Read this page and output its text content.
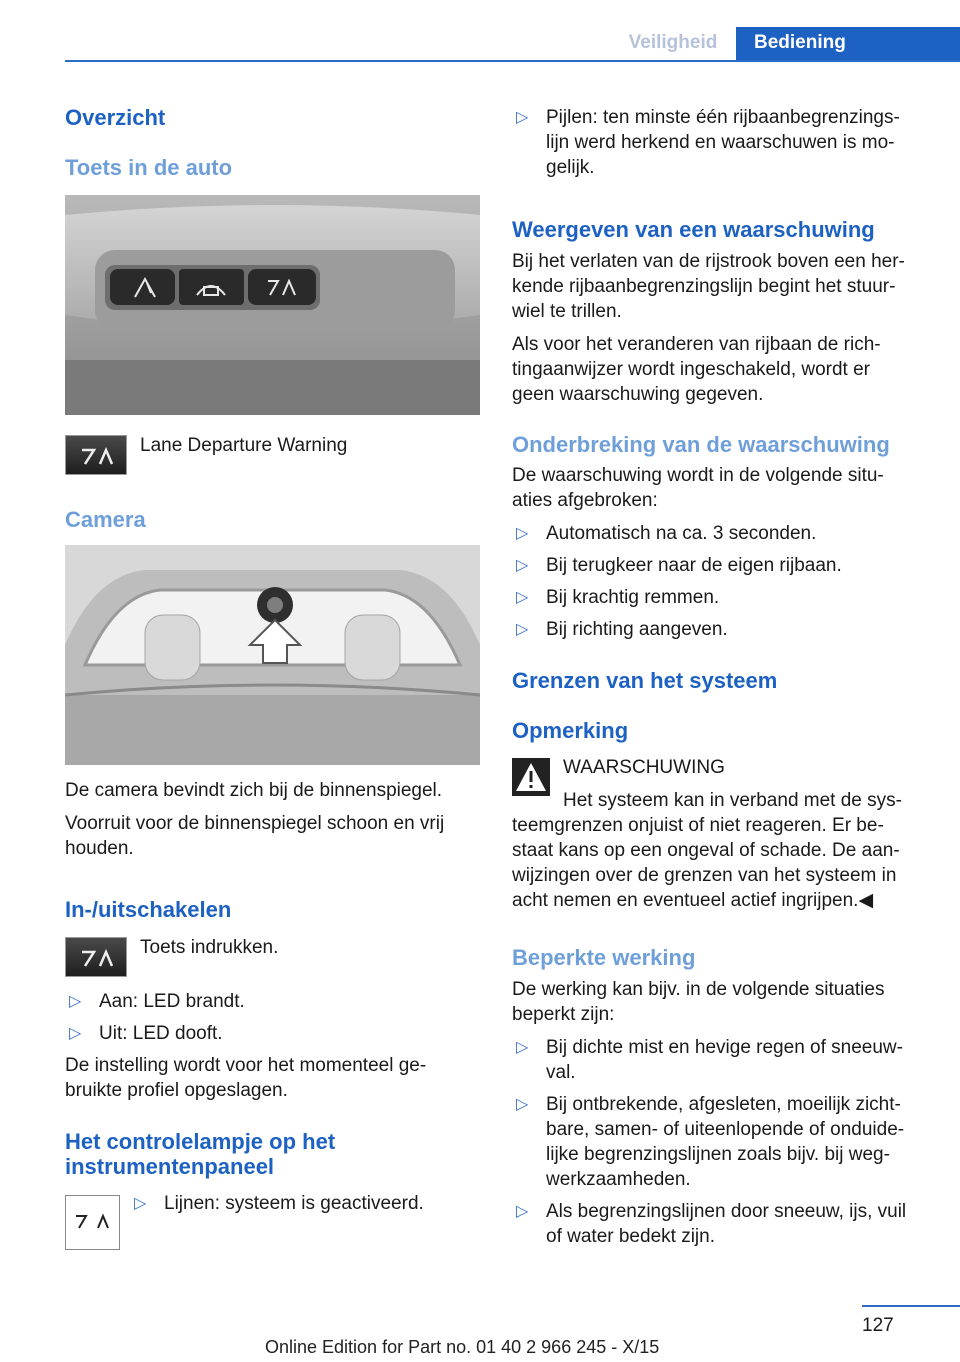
Veiligheid	Bediening
Overzicht
Toets in de auto

Lane Departure Warning

Camera

De camera bevindt zich bij de binnenspiegel.

Voorruit voor de binnenspiegel schoon en vrij

houden.

In-/uitschakelen

Toets indrukken.

▷ Aan: LED brandt.
▷ Uit: LED dooft.

De instelling wordt voor het momenteel ge‐

bruikte profiel opgeslagen.

Het controlelampje op het
instrumentenpaneel
▷ Lijnen: systeem is geactiveerd.
▷ Pijlen: ten minste één rijbaanbegrenzings‐
lijn werd herkend en waarschuwen is mo‐
gelijk.
Weergeven van een waarschuwing
Bij het verlaten van de rijstrook boven een her‐
kende rijbaanbegrenzingslijn begint het stuur‐
wiel te trillen.
Als voor het veranderen van rijbaan de rich‐
tingaanwijzer wordt ingeschakeld, wordt er
geen waarschuwing gegeven.
Onderbreking van de waarschuwing
De waarschuwing wordt in de volgende situ‐
aties afgebroken:
▷ Automatisch na ca. 3 seconden.
▷ Bij terugkeer naar de eigen rijbaan.
▷ Bij krachtig remmen.
▷ Bij richting aangeven.
Grenzen van het systeem
Opmerking

WAARSCHUWING

Het systeem kan in verband met de sys‐

teemgrenzen onjuist of niet reageren. Er be‐
staat kans op een ongeval of schade. De aan‐
wijzingen over de grenzen van het systeem in
acht nemen en eventueel actief ingrijpen.◀
Beperkte werking
De werking kan bijv. in de volgende situaties
beperkt zijn:
▷ Bij dichte mist en hevige regen of sneeuw‐
val.
▷ Bij ontbrekende, afgesleten, moeilijk zicht‐
bare, samen- of uiteenlopende of onduide‐
lijke begrenzingslijnen zoals bijv. bij weg‐
werkzaamheden.
▷ Als begrenzingslijnen door sneeuw, ijs, vuil
of water bedekt zijn.
127
Online Edition for Part no. 01 40 2 966 245 - X/15
